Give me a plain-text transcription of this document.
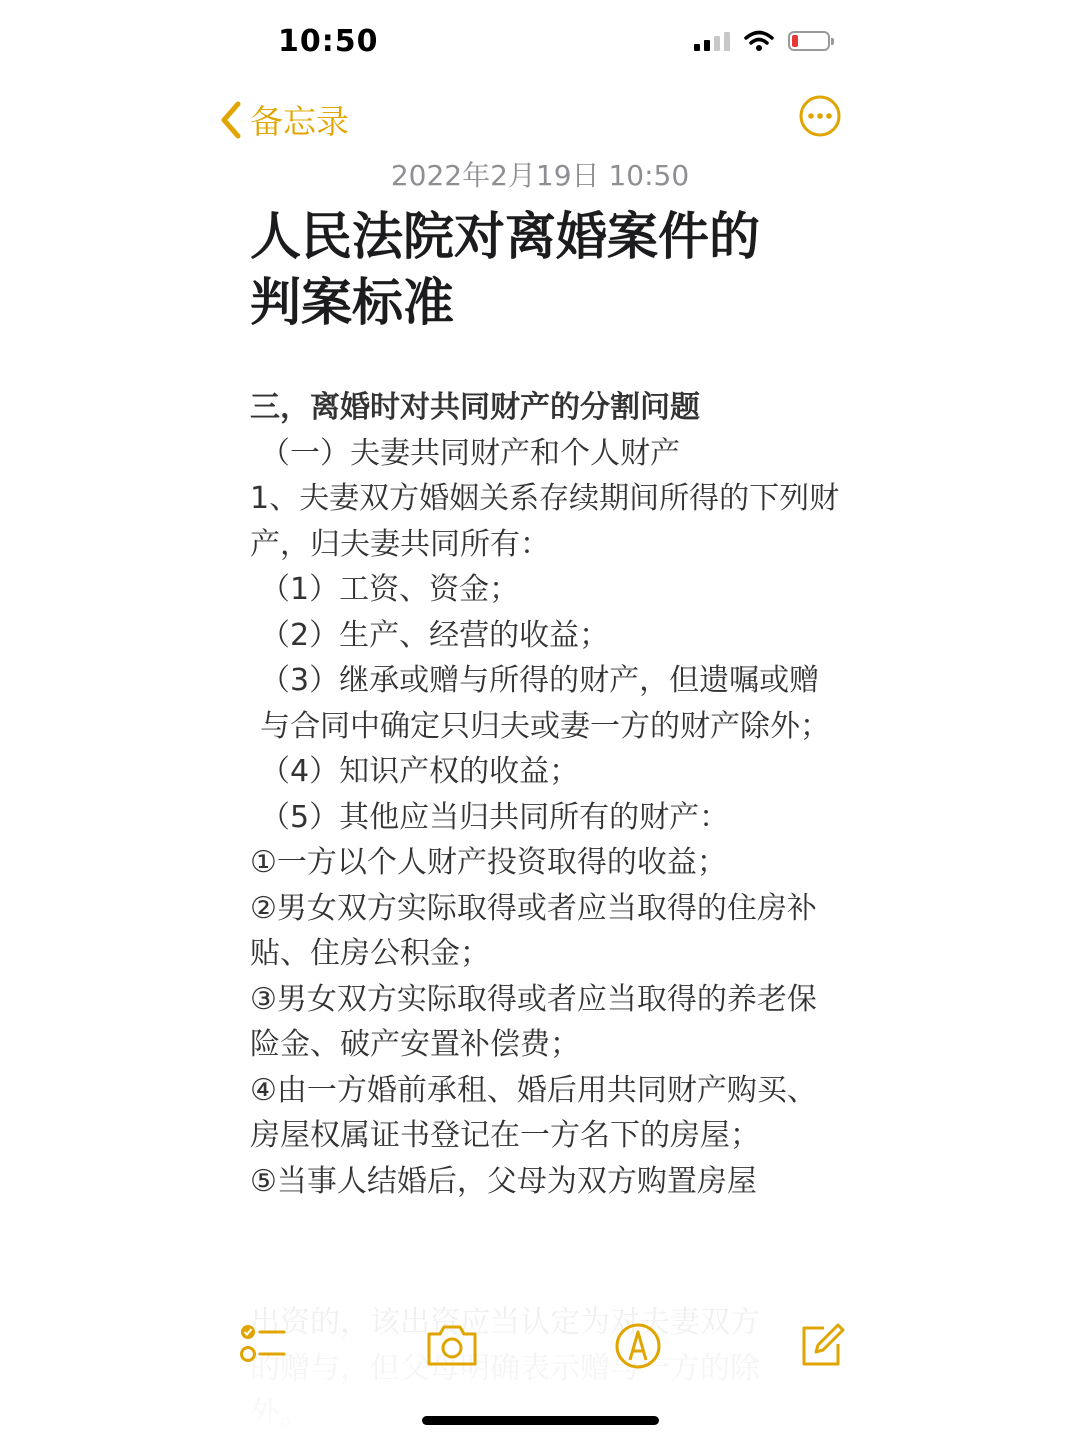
10:50
备忘录
2022年2月19日 10:50
人民法院对离婚案件的判案标准

三，离婚时对共同财产的分割问题

（一）夫妻共同财产和个人财产

1、夫妻双方婚姻关系存续期间所得的下列财产，归夫妻共同所有：

（1）工资、资金；

（2）生产、经营的收益；

（3）继承或赠与所得的财产，但遗嘱或赠与合同中确定只归夫或妻一方的财产除外；

（4）知识产权的收益；

（5）其他应当归共同所有的财产：

①一方以个人财产投资取得的收益；

②男女双方实际取得或者应当取得的住房补贴、住房公积金；

③男女双方实际取得或者应当取得的养老保险金、破产安置补偿费；

④由一方婚前承租、婚后用共同财产购买、房屋权属证书登记在一方名下的房屋；

⑤当事人结婚后，父母为双方购置房屋
